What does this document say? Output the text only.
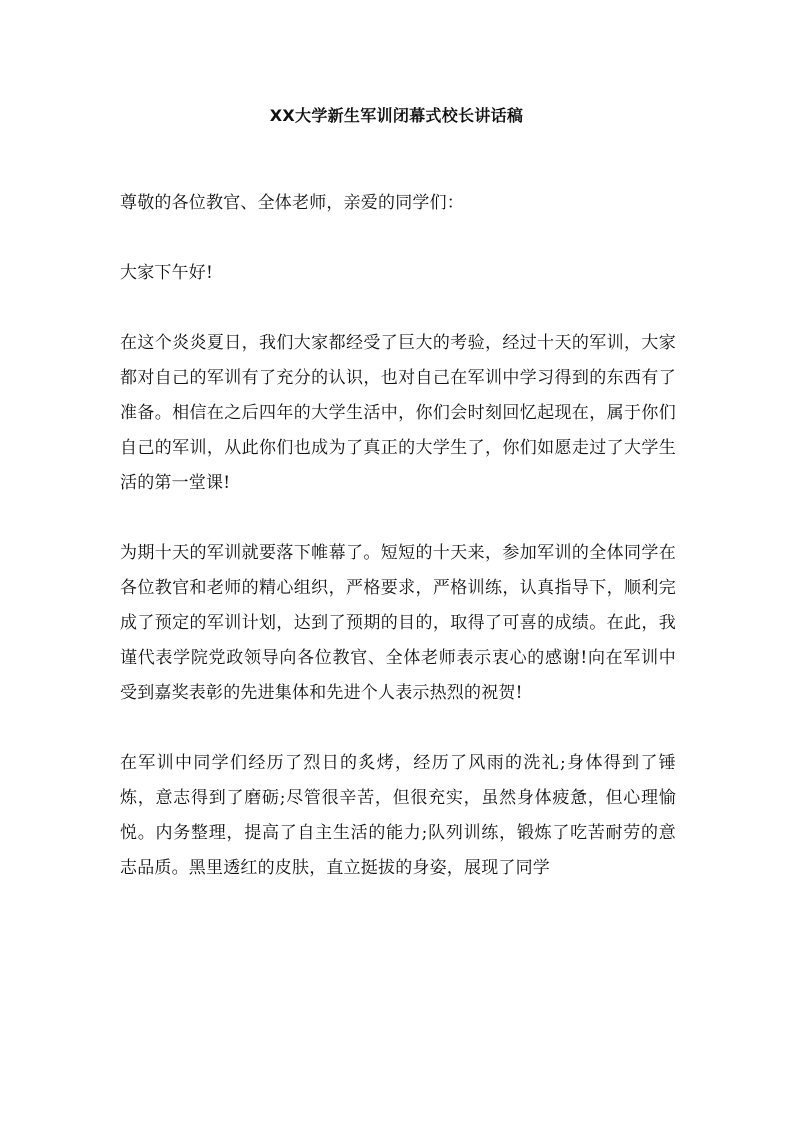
XX大学新生军训闭幕式校长讲话稿

尊敬的各位教官、全体老师，亲爱的同学们：

大家下午好!

在这个炎炎夏日，我们大家都经受了巨大的考验，经过十天的军训，大家都对自己的军训有了充分的认识，也对自己在军训中学习得到的东西有了准备。相信在之后四年的大学生活中，你们会时刻回忆起现在，属于你们自己的军训，从此你们也成为了真正的大学生了，你们如愿走过了大学生活的第一堂课!

为期十天的军训就要落下帷幕了。短短的十天来，参加军训的全体同学在各位教官和老师的精心组织，严格要求，严格训练，认真指导下，顺利完成了预定的军训计划，达到了预期的目的，取得了可喜的成绩。在此，我谨代表学院党政领导向各位教官、全体老师表示衷心的感谢!向在军训中受到嘉奖表彰的先进集体和先进个人表示热烈的祝贺!

在军训中同学们经历了烈日的炙烤，经历了风雨的洗礼;身体得到了锤炼，意志得到了磨砺;尽管很辛苦，但很充实，虽然身体疲惫，但心理愉悦。内务整理，提高了自主生活的能力;队列训练，锻炼了吃苦耐劳的意志品质。黑里透红的皮肤，直立挺拔的身姿，展现了同学
